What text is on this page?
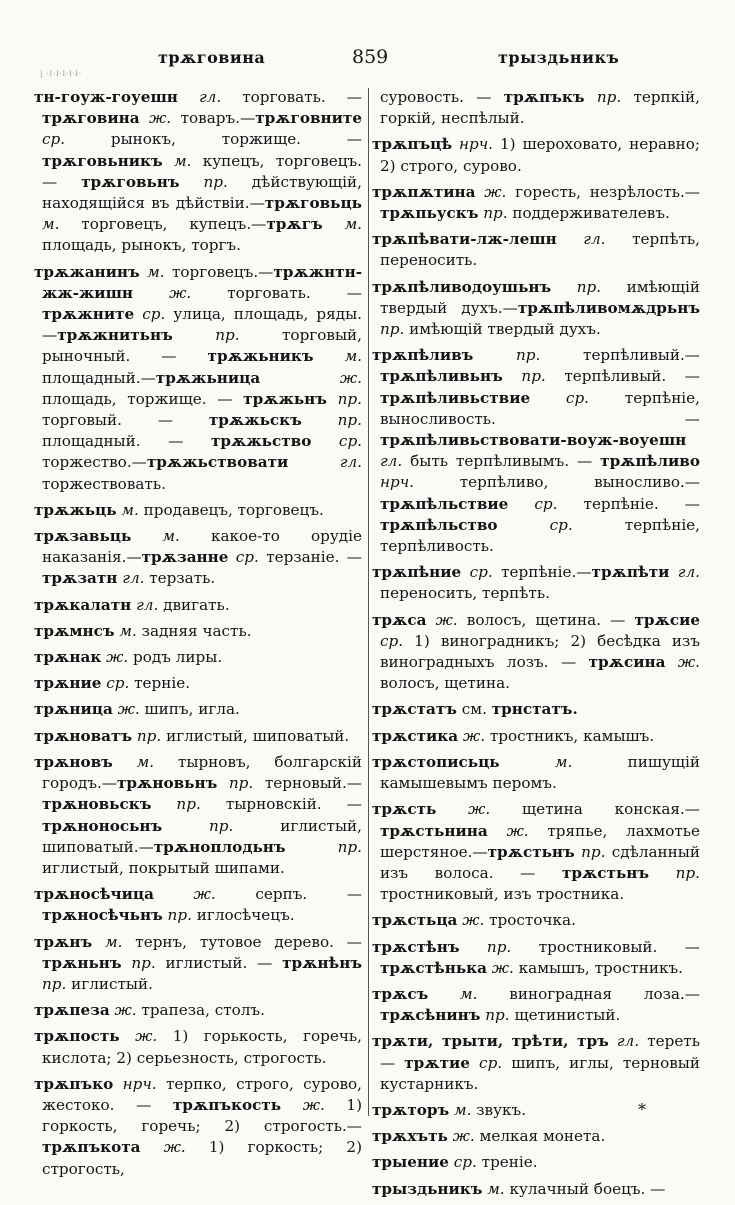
трѫговина	859	трыздьникъ
| ·l·l·l·l·l·

тн-гоуж-гоуешн гл. торговать. — трѫговина ж. товаръ.—трѫговните ср. рынокъ, торжище. — трѫговьникъ м. купецъ, торговецъ. — трѫговьнъ пр. дѣйствующій, находящійся въ дѣйствіи.—трѫговьць м. торговецъ, купецъ.—трѫгъ м. площадь, рынокъ, торгъ.

трѫжанинъ м. торговецъ.—трѫжнтн-жж-жишн ж. торговать. — трѫжните ср. улица, площадь, ряды.—трѫжнитьнъ пр. торговый, рыночный. — трѫжьникъ м. площадный.—трѫжьница ж. площадь, торжище. — трѫжьнъ пр. торговый. — трѫжьскъ пр. площадный. — трѫжьство ср. торжество.—трѫжьствовати гл. торжествовать.

трѫжьць м. продавецъ, торговецъ.

трѫзавьць м. какое-то орудіе наказанія.—трѫзанне ср. терзаніе. — трѫзатн гл. терзать.

трѫкалатн гл. двигать.

трѫмнсъ м. задняя часть.

трѫнак ж. родъ лиры.

трѫние ср. терніе.

трѫница ж. шипъ, игла.

трѫноватъ пр. иглистый, шиповатый.

трѫновъ м. тырновъ, болгарскій городъ.—трѫновьнъ пр. терновый.— трѫновьскъ пр. тырновскій. — трѫноносьнъ пр. иглистый, шиповатый.—трѫноплодьнъ пр. иглистый, покрытый шипами.

трѫносѣчица ж. серпъ. — трѫносѣчьнъ пр. иглосѣчецъ.

трѫнъ м. тернъ, тутовое дерево. — трѫньнъ пр. иглистый. — трѫнѣнъ пр. иглистый.

трѫпеза ж. трапеза, столъ.

трѫпость ж. 1) горькость, горечь, кислота; 2) серьезность, строгость.

трѫпъко нрч. терпко, строго, сурово, жестоко. — трѫпъкость ж. 1) горкость, горечь; 2) строгость.—трѫпъкота ж. 1) горкость; 2) строгость,

суровость. — трѫпъкъ пр. терпкій, горкій, неспѣлый.

трѫпъцѣ нрч. 1) шероховато, неравно; 2) строго, сурово.

трѫпѫтина ж. горесть, незрѣлость.— трѫпьускъ пр. поддерживателевъ.

трѫпѣвати-лж-лешн гл. терпѣть, переносить.

трѫпѣливодоушьнъ пр. имѣющій твердый духъ.—трѫпѣливомѫдрьнъ пр. имѣющій твердый духъ.

трѫпѣливъ пр. терпѣливый.—трѫпѣливьнъ пр. терпѣливый. — трѫпѣливьствие ср. терпѣніе, выносливость. — трѫпѣливьствовати-воуж-воуешн гл. быть терпѣливымъ. — трѫпѣливо нрч. терпѣливо, выносливо.—трѫпѣльствие ср. терпѣніе. —трѫпѣльство ср. терпѣніе, терпѣливость.

трѫпѣние ср. терпѣніе.—трѫпѣти гл. переносить, терпѣть.

трѫса ж. волосъ, щетина. — трѫсие ср. 1) виноградникъ; 2) бесѣдка изъ виноградныхъ лозъ. — трѫсина ж. волосъ, щетина.

трѫстатъ см. трнстатъ.

трѫстика ж. тростникъ, камышъ.

трѫстописьць м. пишущій камышевымъ перомъ.

трѫсть ж. щетина конская.—трѫстьнина ж. тряпье, лахмотье шерстяное.—трѫстьнъ пр. сдѣланный изъ волоса. — трѫстьнъ пр. тростниковый, изъ тростника.

трѫстьца ж. тросточка.

трѫстѣнъ пр. тростниковый. — трѫстѣнька ж. камышъ, тростникъ.

трѫсъ м. виноградная лоза.—трѫсѣнинъ пр. щетинистый.

трѫти, трыти, трѣти, тръ гл. тереть — трѫтие ср. шипъ, иглы, терновый кустарникъ.

трѫторъ м. звукъ.

трѫхъть ж. мелкая монета.

трыение ср. треніе.

трыздьникъ м. кулачный боецъ. —

*
